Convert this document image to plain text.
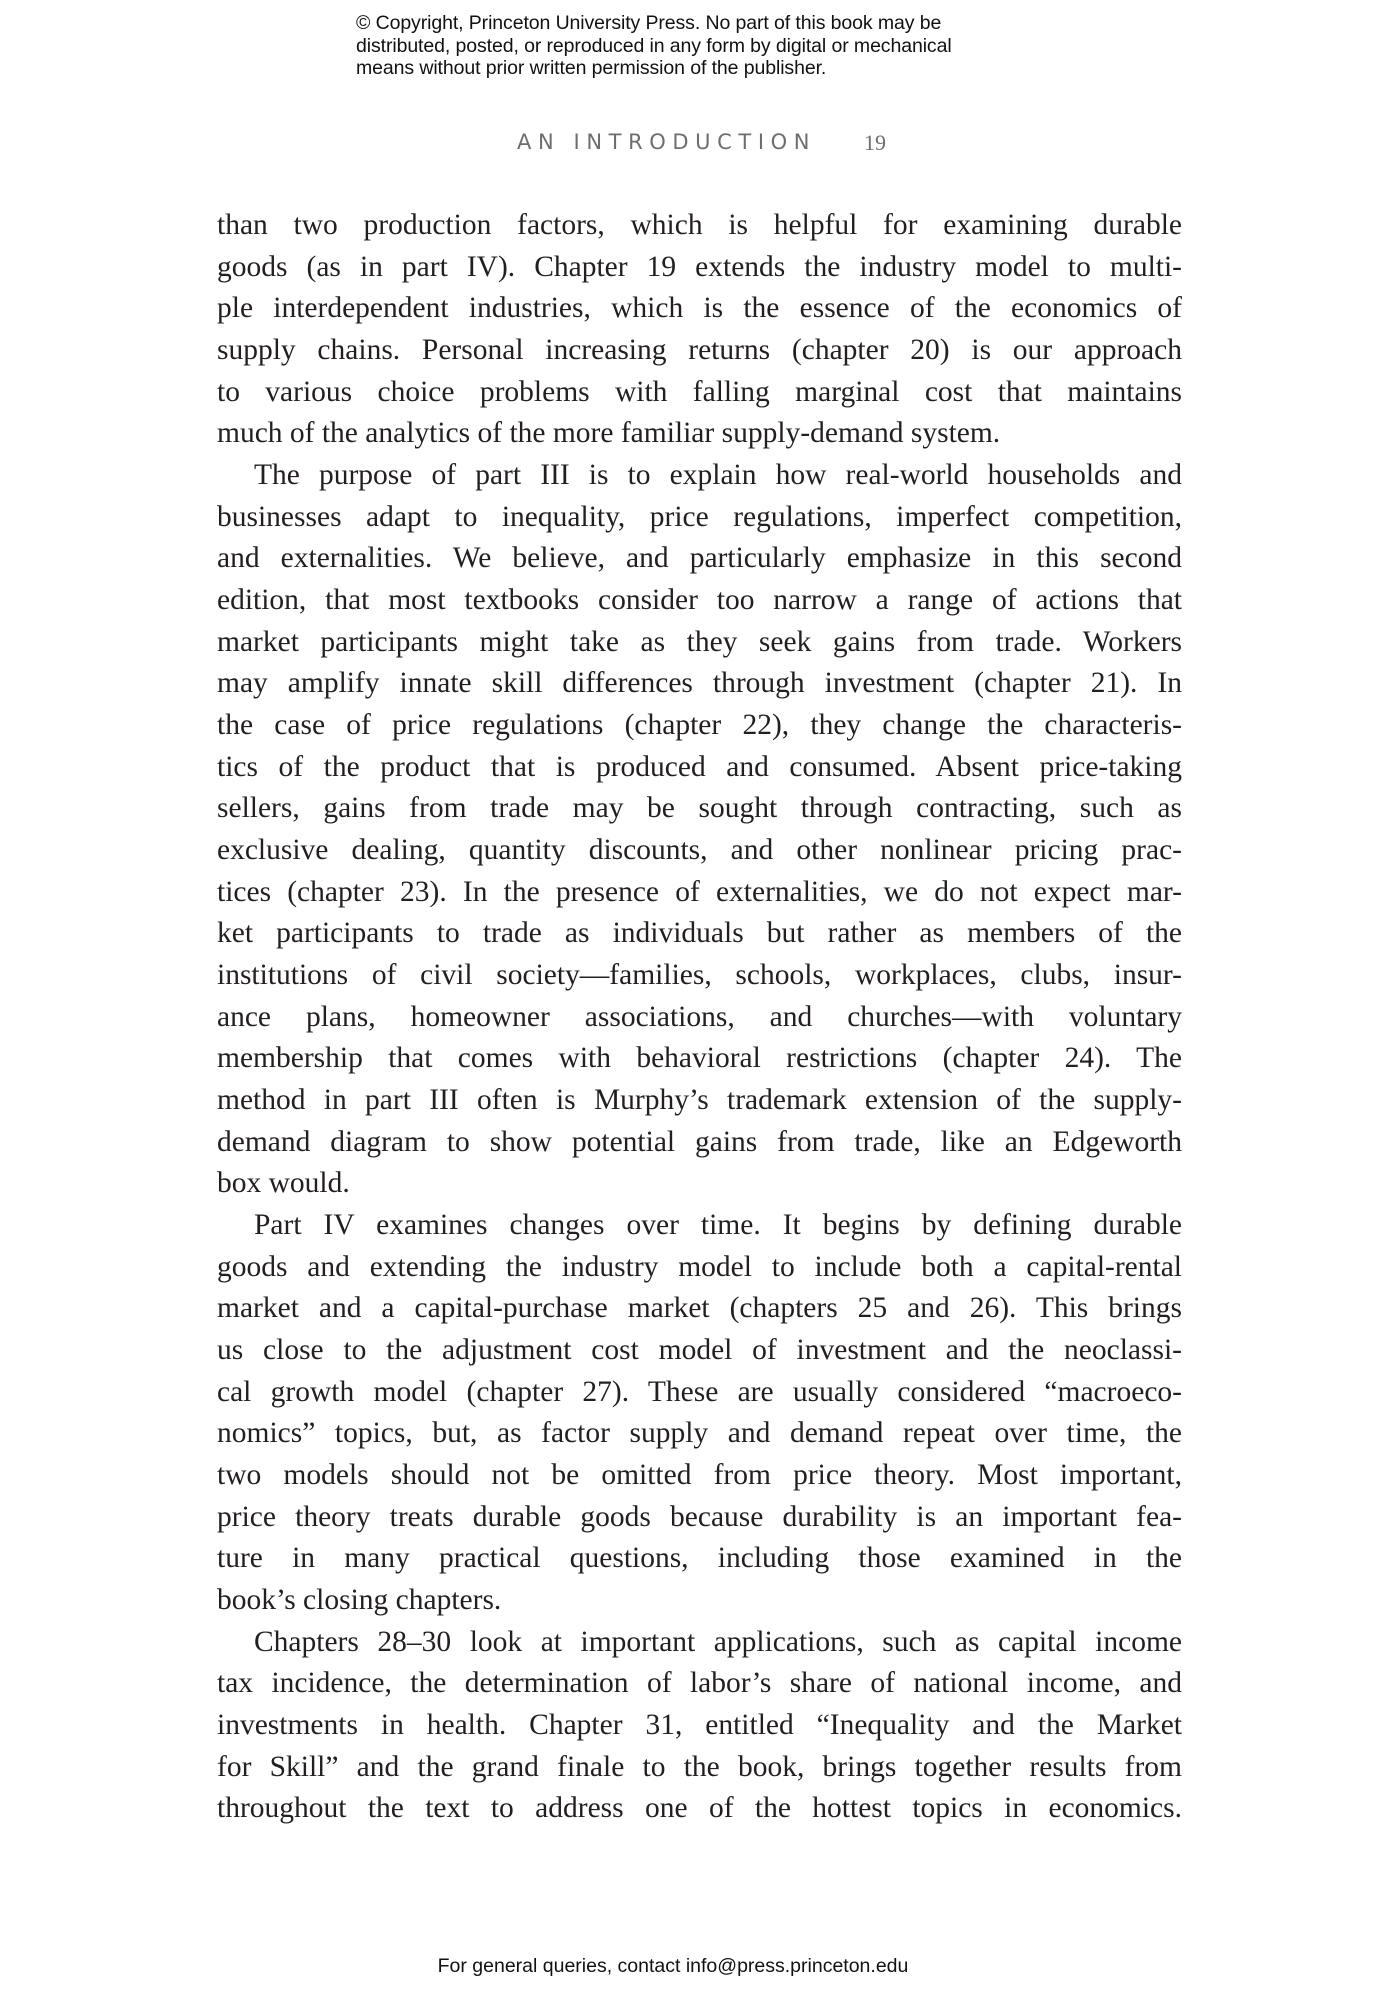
© Copyright, Princeton University Press. No part of this book may be
distributed, posted, or reproduced in any form by digital or mechanical
means without prior written permission of the publisher.
AN INTRODUCTION 19
than two production factors, which is helpful for examining durable
goods (as in part IV). Chapter 19 extends the industry model to multi-
ple interdependent industries, which is the essence of the economics of
supply chains. Personal increasing returns (chapter 20) is our approach
to various choice problems with falling marginal cost that maintains
much of the analytics of the more familiar supply-demand system.
The purpose of part III is to explain how real-world households and
businesses adapt to inequality, price regulations, imperfect competition,
and externalities. We believe, and particularly emphasize in this second
edition, that most textbooks consider too narrow a range of actions that
market participants might take as they seek gains from trade. Workers
may amplify innate skill differences through investment (chapter 21). In
the case of price regulations (chapter 22), they change the characteris-
tics of the product that is produced and consumed. Absent price-taking
sellers, gains from trade may be sought through contracting, such as
exclusive dealing, quantity discounts, and other nonlinear pricing prac-
tices (chapter 23). In the presence of externalities, we do not expect mar-
ket participants to trade as individuals but rather as members of the
institutions of civil society—families, schools, workplaces, clubs, insur-
ance plans, homeowner associations, and churches—with voluntary
membership that comes with behavioral restrictions (chapter 24). The
method in part III often is Murphy’s trademark extension of the supply-
demand diagram to show potential gains from trade, like an Edgeworth
box would.
Part IV examines changes over time. It begins by defining durable
goods and extending the industry model to include both a capital-rental
market and a capital-purchase market (chapters 25 and 26). This brings
us close to the adjustment cost model of investment and the neoclassi-
cal growth model (chapter 27). These are usually considered “macroeco-
nomics” topics, but, as factor supply and demand repeat over time, the
two models should not be omitted from price theory. Most important,
price theory treats durable goods because durability is an important fea-
ture in many practical questions, including those examined in the
book’s closing chapters.
Chapters 28–30 look at important applications, such as capital income
tax incidence, the determination of labor’s share of national income, and
investments in health. Chapter 31, entitled “Inequality and the Market
for Skill” and the grand finale to the book, brings together results from
throughout the text to address one of the hottest topics in economics.
For general queries, contact info@press.princeton.edu
